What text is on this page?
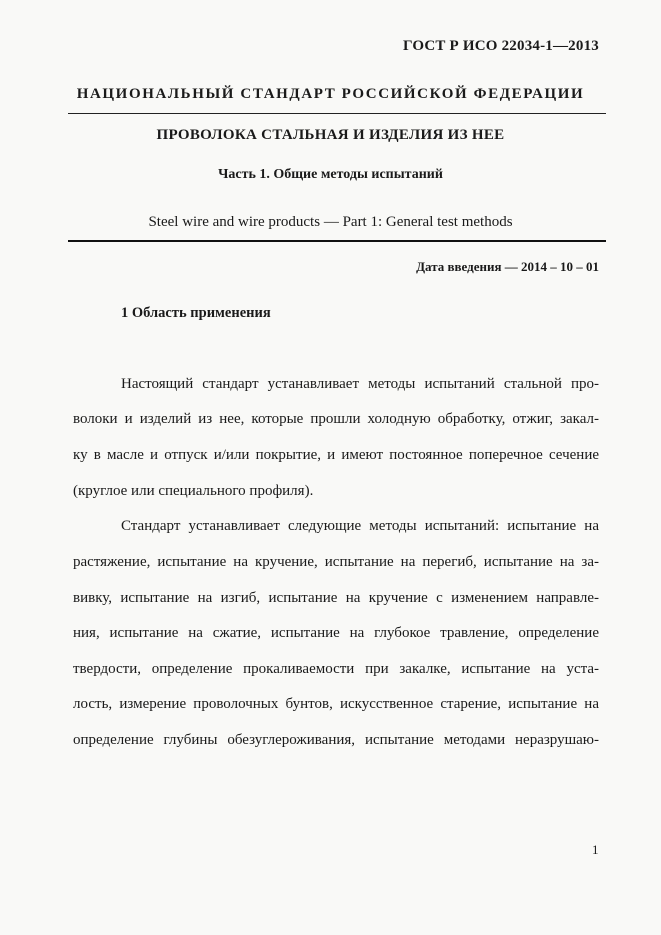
ГОСТ Р ИСО 22034-1—2013
НАЦИОНАЛЬНЫЙ СТАНДАРТ РОССИЙСКОЙ ФЕДЕРАЦИИ
ПРОВОЛОКА СТАЛЬНАЯ И ИЗДЕЛИЯ ИЗ НЕЕ
Часть 1. Общие методы испытаний
Steel wire and wire products — Part 1: General test methods
Дата введения — 2014 – 10 – 01
1 Область применения
Настоящий стандарт устанавливает методы испытаний стальной про-
волоки и изделий из нее, которые прошли холодную обработку, отжиг, закал-
ку в масле и отпуск и/или покрытие, и имеют постоянное поперечное сечение
(круглое или специального профиля).
Стандарт устанавливает следующие методы испытаний: испытание на
растяжение, испытание на кручение, испытание на перегиб, испытание на за-
вивку, испытание на изгиб, испытание на кручение с изменением направле-
ния, испытание на сжатие, испытание на глубокое травление, определение
твердости, определение прокаливаемости при закалке, испытание на уста-
лость, измерение проволочных бунтов, искусственное старение, испытание на
определение глубины обезуглероживания, испытание методами неразрушаю-
1
